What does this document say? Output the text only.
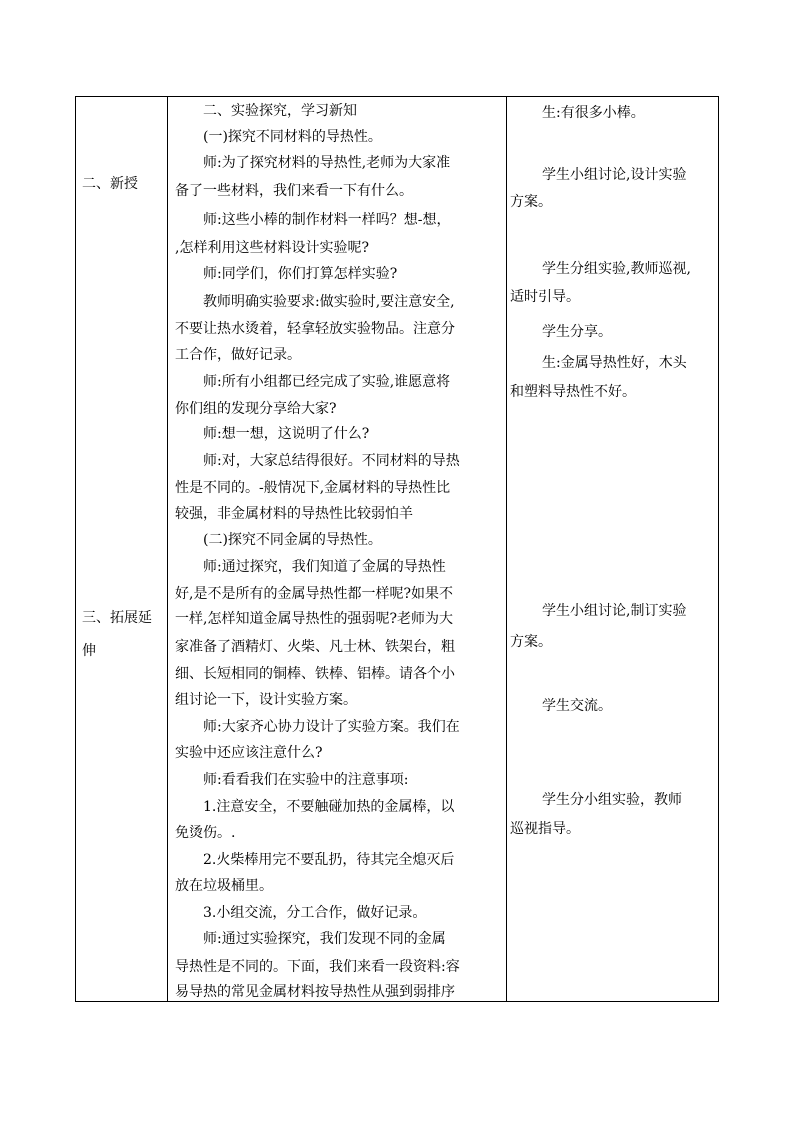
二、新授
三、拓展延
伸
二、实验探究，学习新知
(一)探究不同材料的导热性。
师:为了探究材料的导热性,老师为大家准
备了一些材料，我们来看一下有什么。
师:这些小棒的制作材料一样吗？想-想，
,怎样利用这些材料设计实验呢?
师:同学们，你们打算怎样实验?
教师明确实验要求:做实验时,要注意安全,
不要让热水烫着，轻拿轻放实验物品。注意分
工合作，做好记录。
师:所有小组都已经完成了实验,谁愿意将
你们组的发现分享给大家?
师:想一想，这说明了什么?
师:对，大家总结得很好。不同材料的导热
性是不同的。-般情况下,金属材料的导热性比
较强，非金属材料的导热性比较弱怕羊
(二)探究不同金属的导热性。
师:通过探究，我们知道了金属的导热性
好,是不是所有的金属导热性都一样呢?如果不
一样,怎样知道金属导热性的强弱呢?老师为大
家准备了酒精灯、火柴、凡士林、铁架台，粗
细、长短相同的铜棒、铁棒、铝棒。请各个小
组讨论一下，设计实验方案。
师:大家齐心协力设计了实验方案。我们在
实验中还应该注意什么?
师:看看我们在实验中的注意事项:
1.注意安全，不要触碰加热的金属棒，以
免烫伤。.
2.火柴棒用完不要乱扔，待其完全熄灭后
放在垃圾桶里。
3.小组交流，分工合作，做好记录。
师:通过实验探究，我们发现不同的金属
导热性是不同的。下面，我们来看一段资料:容
易导热的常见金属材料按导热性从强到弱排序
生:有很多小棒。
学生小组讨论,设计实验
方案。
学生分组实验,教师巡视,
适时引导。
学生分享。
生:金属导热性好，木头
和塑料导热性不好。
学生小组讨论,制订实验
方案。
学生交流。
学生分小组实验，教师
巡视指导。
